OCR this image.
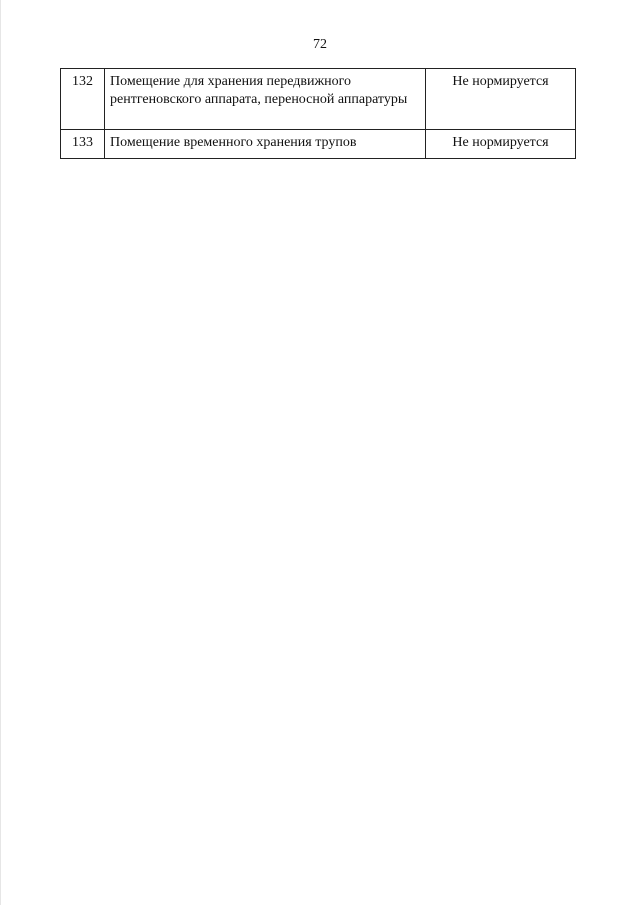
72
132	Помещение для хранения передвижного рентгеновского аппарата, переносной аппаратуры	Не нормируется
133	Помещение временного хранения трупов	Не нормируется
